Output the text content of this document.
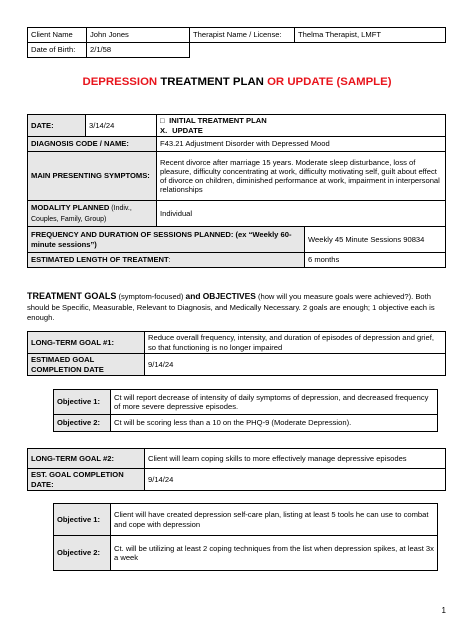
Client Name	John Jones	Therapist Name / License:	Thelma Therapist, LMFT
Date of Birth:	2/1/58		
DEPRESSION TREATMENT PLAN OR UPDATE (SAMPLE)
DATE:	3/14/24	□ INITIAL TREATMENT PLAN
X. UPDATE	

DIAGNOSIS CODE / NAME:		F43.21 Adjustment Disorder with Depressed Mood	
MAIN PRESENTING SYMPTOMS:		Recent divorce after marriage 15 years. Moderate sleep disturbance, loss of pleasure, difficulty concentrating at work, difficulty motivating self, guilt about effect of divorce on children, diminished performance at work, impairment in interpersonal relationships	
MODALITY PLANNED (Indiv., Couples, Family, Group)		Individual	
FREQUENCY AND DURATION OF SESSIONS PLANNED: (ex “Weekly 60-minute sessions”)			Weekly 45 Minute Sessions 90834
ESTIMATED LENGTH OF TREATMENT:			6 months
TREATMENT GOALS (symptom-focused) and OBJECTIVES (how will you measure goals were achieved?). Both should be Specific, Measurable, Relevant to Diagnosis, and Medically Necessary. 2 goals are enough; 1 objective each is enough.
LONG-TERM GOAL #1:	Reduce overall frequency, intensity, and duration of episodes of depression and grief, so that functioning is no longer impaired
ESTIMAED GOAL COMPLETION DATE	9/14/24
Objective 1:	Ct will report decrease of intensity of daily symptoms of depression, and decreased frequency of more severe depressive episodes.
Objective 2:	Ct will be scoring less than a 10 on the PHQ-9 (Moderate Depression).
LONG-TERM GOAL #2:	Client will learn coping skills to more effectively manage depressive episodes
EST. GOAL COMPLETION DATE:	9/14/24
Objective 1:	Client will have created depression self-care plan, listing at least 5 tools he can use to combat and cope with depression
Objective 2:	Ct. will be utilizing at least 2 coping techniques from the list when depression spikes, at least 3x a week
1
